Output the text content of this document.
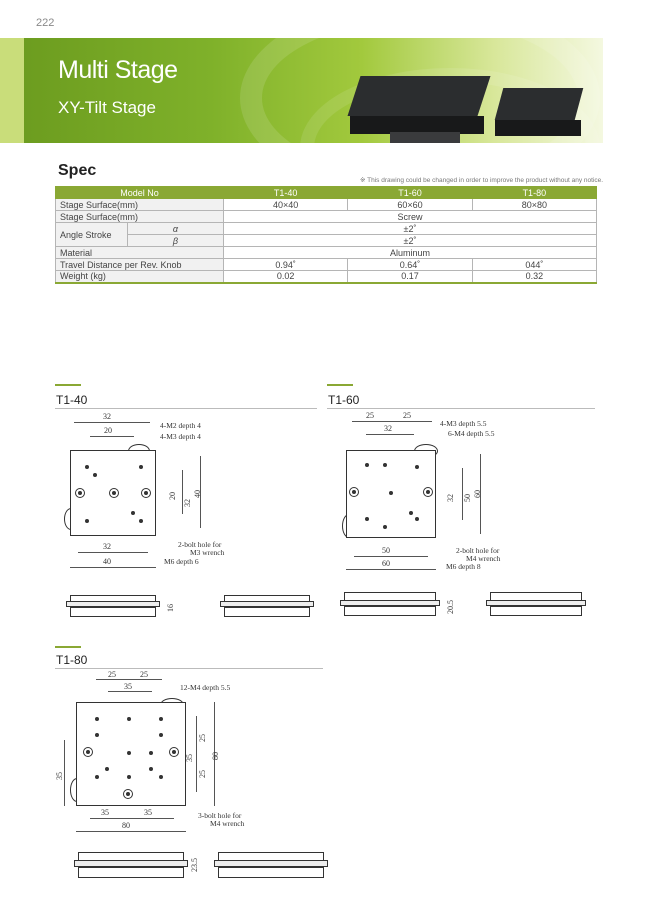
222
Multi Stage
XY-Tilt Stage
Spec
※ This drawing could be changed in order to improve the product without any notice.
Model No		T1-40	T1-60	T1-80
Stage Surface(mm)		40×40	60×60	80×80
Stage Surface(mm)		Screw		
Angle Stroke	α	±2˚		
	β	±2˚		
Material		Aluminum		
Travel Distance per Rev. Knob		0.94˚	0.64˚	044˚
Weight (kg)		0.02	0.17	0.32
T1-40
32
20
4-M2 depth 4
4-M3 depth 4
20
32
40
32
40
2-bolt hole for
M3 wrench
M6 depth 6
16
T1-60
25	25
32
4-M3 depth 5.5
6-M4 depth 5.5
32 50 60
50
60
2-bolt hole for
M4 wrench
M6 depth 8
20.5
T1-80
25	25
35	12-M4 depth 5.5
25
35
25
80
35
35	35
80
3-bolt hole for
M4 wrench
23.5
